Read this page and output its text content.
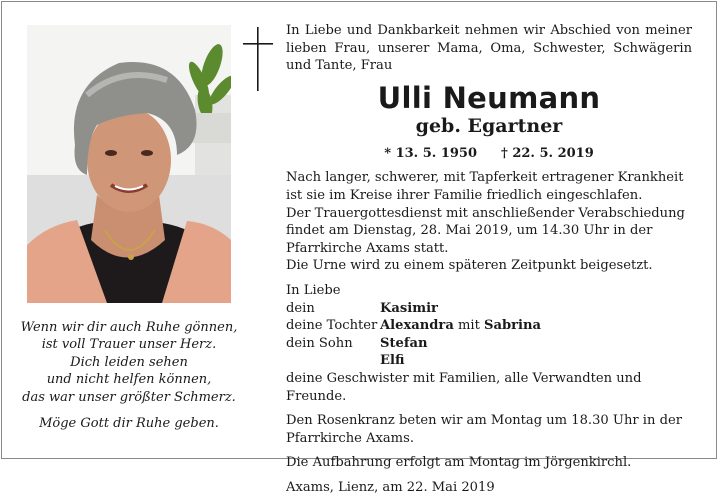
Wenn wir dir auch Ruhe gönnen,
ist voll Trauer unser Herz.
Dich leiden sehen
und nicht helfen können,
das war unser größter Schmerz.
Möge Gott dir Ruhe geben.

In Liebe und Dankbarkeit nehmen wir Abschied von meiner lieben Frau, unserer Mama, Oma, Schwester, Schwägerin und Tante, Frau

Ulli Neumann

geb. Egartner

* 13. 5. 1950 † 22. 5. 2019

Nach langer, schwerer, mit Tapferkeit ertragener Krankheit ist sie im Kreise ihrer Familie friedlich eingeschlafen.

Der Trauergottesdienst mit anschließender Verabschiedung findet am Dienstag, 28. Mai 2019, um 14.30 Uhr in der Pfarrkirche Axams statt.

Die Urne wird zu einem späteren Zeitpunkt beigesetzt.

In Liebe

dein	Kasimir
deine Tochter Alexandra mit Sabrina
dein Sohn	Stefan
Elfi

deine Geschwister mit Familien, alle Verwandten und Freunde.

Den Rosenkranz beten wir am Montag um 18.30 Uhr in der Pfarrkirche Axams.

Die Aufbahrung erfolgt am Montag im Jörgenkirchl.

Axams, Lienz, am 22. Mai 2019
